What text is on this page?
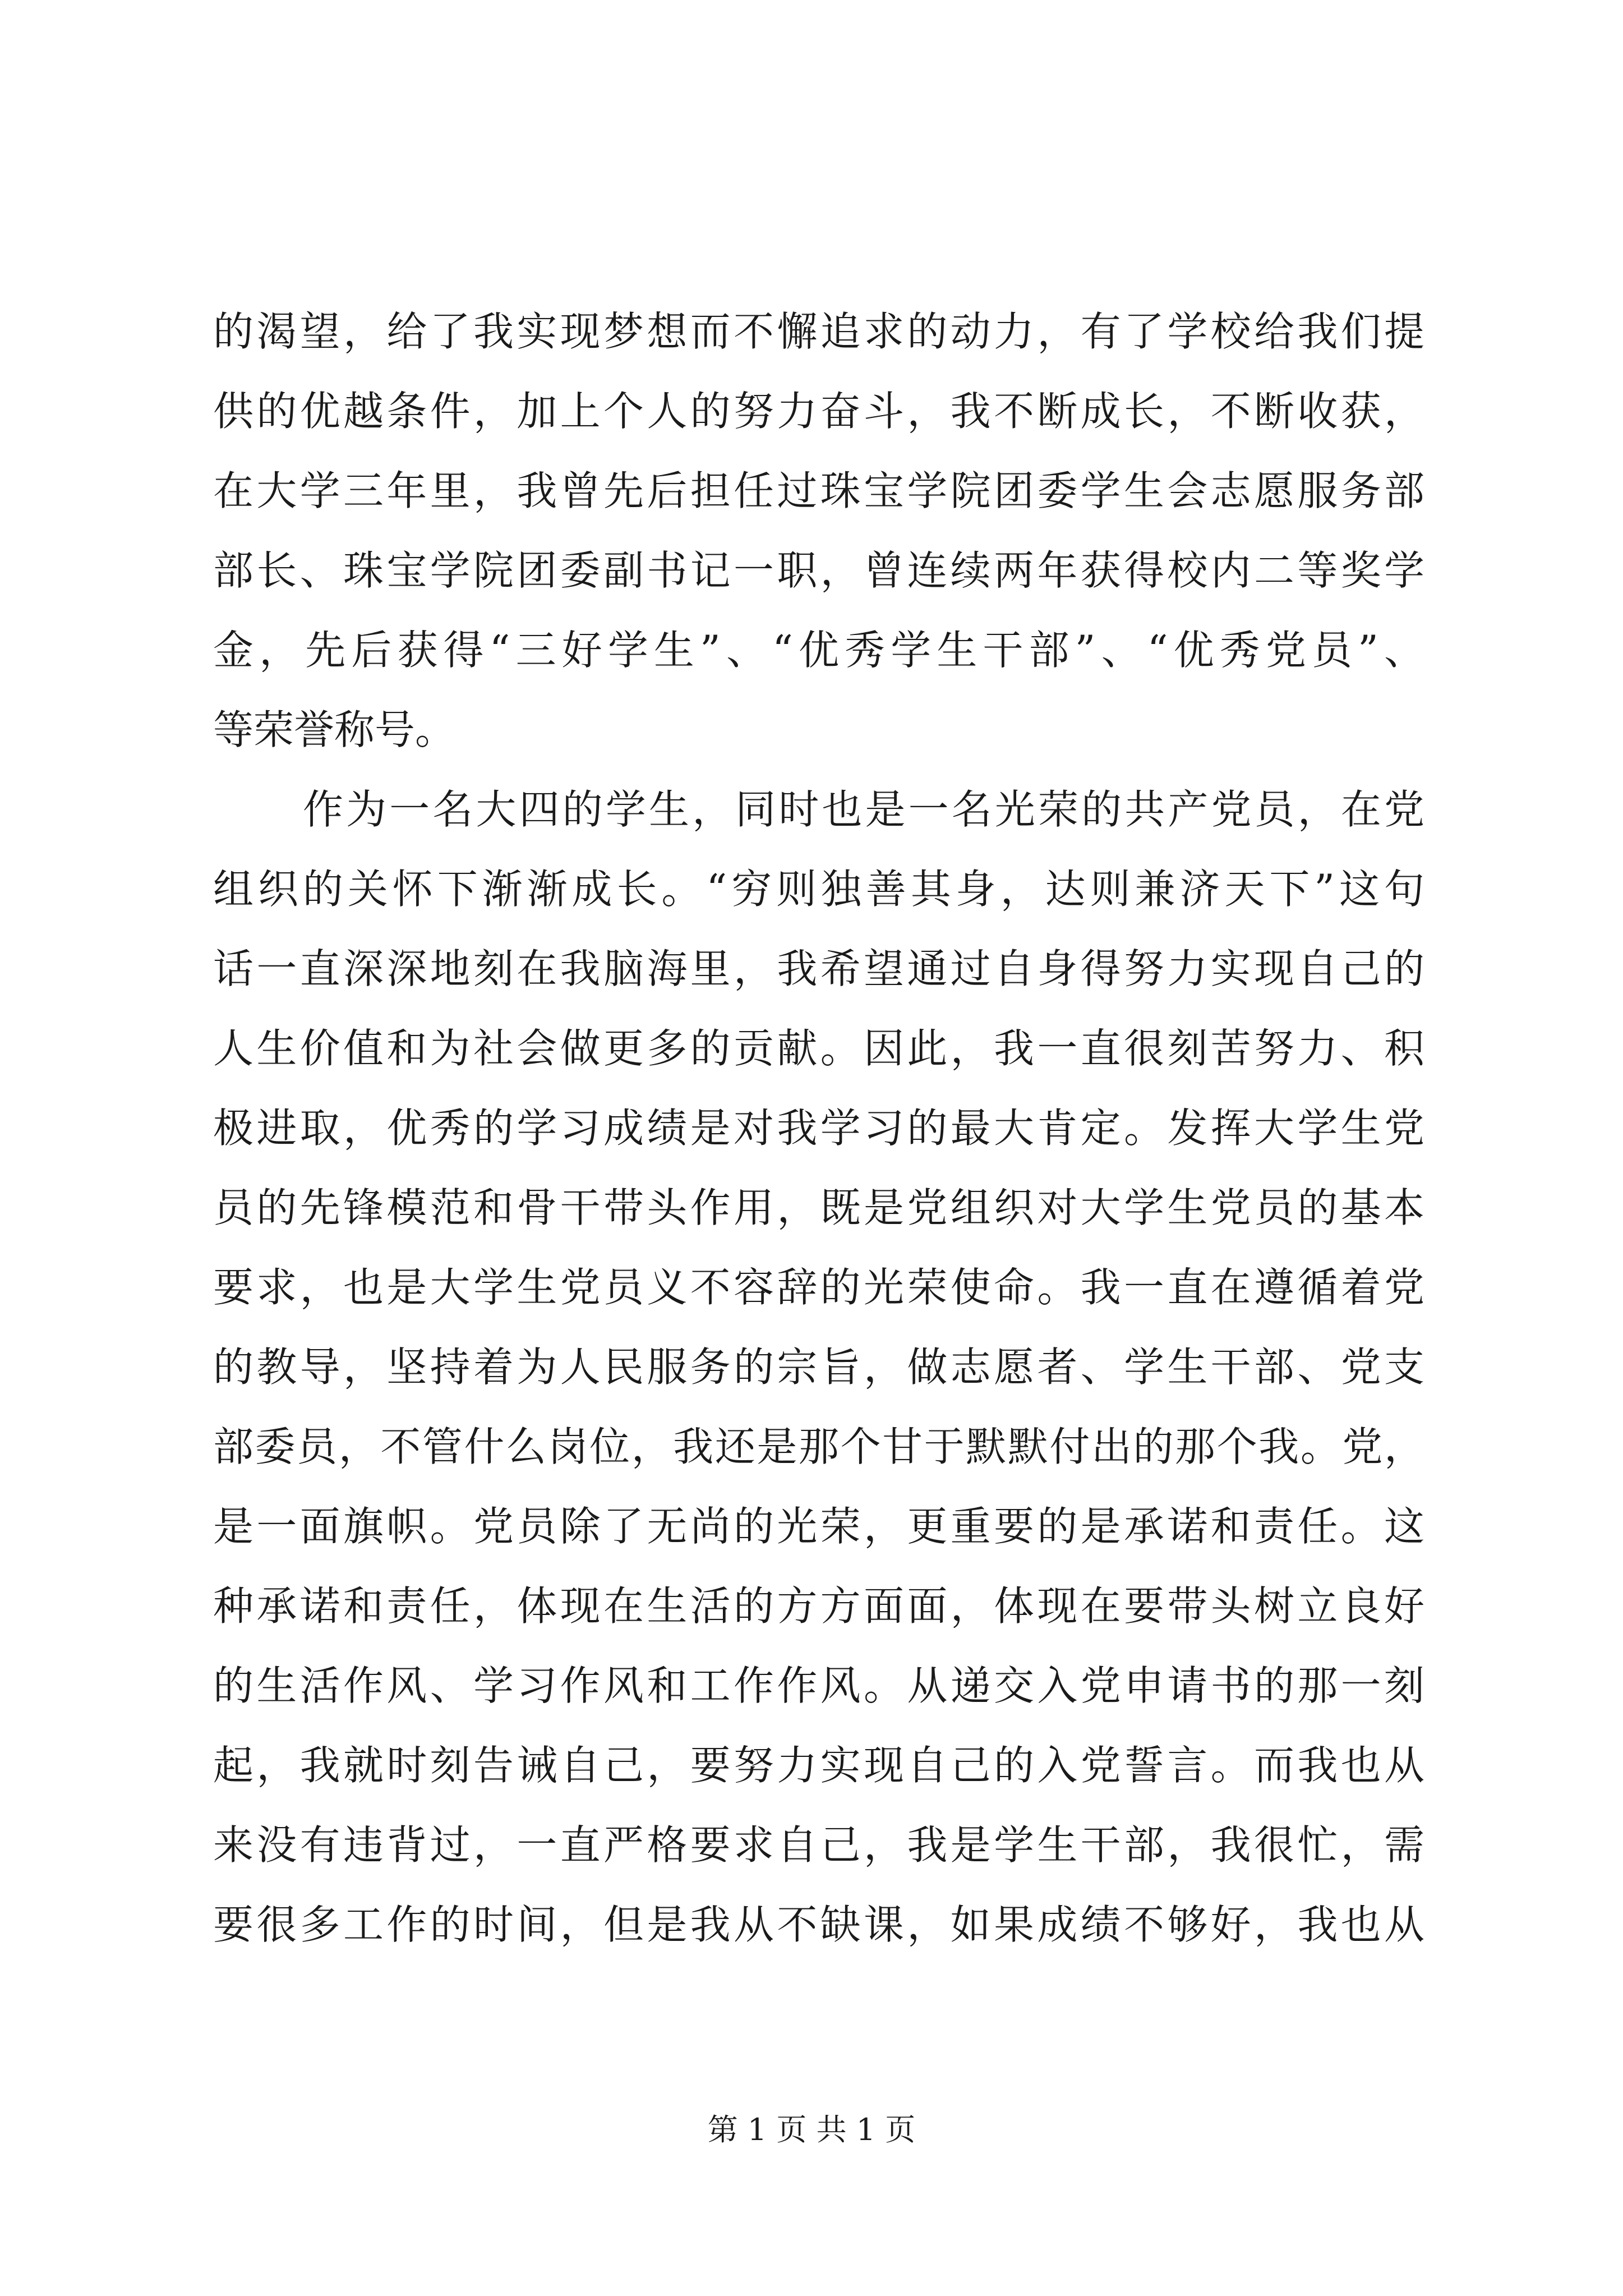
的渴望，给了我实现梦想而不懈追求的动力，有了学校给我们提
供的优越条件，加上个人的努力奋斗，我不断成长，不断收获，
在大学三年里，我曾先后担任过珠宝学院团委学生会志愿服务部
部长、珠宝学院团委副书记一职，曾连续两年获得校内二等奖学
金，先后获得“三好学生”、“优秀学生干部”、“优秀党员”、
等荣誉称号。
作为一名大四的学生，同时也是一名光荣的共产党员，在党
组织的关怀下渐渐成长。“穷则独善其身，达则兼济天下”这句
话一直深深地刻在我脑海里，我希望通过自身得努力实现自己的
人生价值和为社会做更多的贡献。因此，我一直很刻苦努力、积
极进取，优秀的学习成绩是对我学习的最大肯定。发挥大学生党
员的先锋模范和骨干带头作用，既是党组织对大学生党员的基本
要求，也是大学生党员义不容辞的光荣使命。我一直在遵循着党
的教导，坚持着为人民服务的宗旨，做志愿者、学生干部、党支
部委员，不管什么岗位，我还是那个甘于默默付出的那个我。党，
是一面旗帜。党员除了无尚的光荣，更重要的是承诺和责任。这
种承诺和责任，体现在生活的方方面面，体现在要带头树立良好
的生活作风、学习作风和工作作风。从递交入党申请书的那一刻
起，我就时刻告诫自己，要努力实现自己的入党誓言。而我也从
来没有违背过，一直严格要求自己，我是学生干部，我很忙，需
要很多工作的时间，但是我从不缺课，如果成绩不够好，我也从
第 1 页 共 1 页
